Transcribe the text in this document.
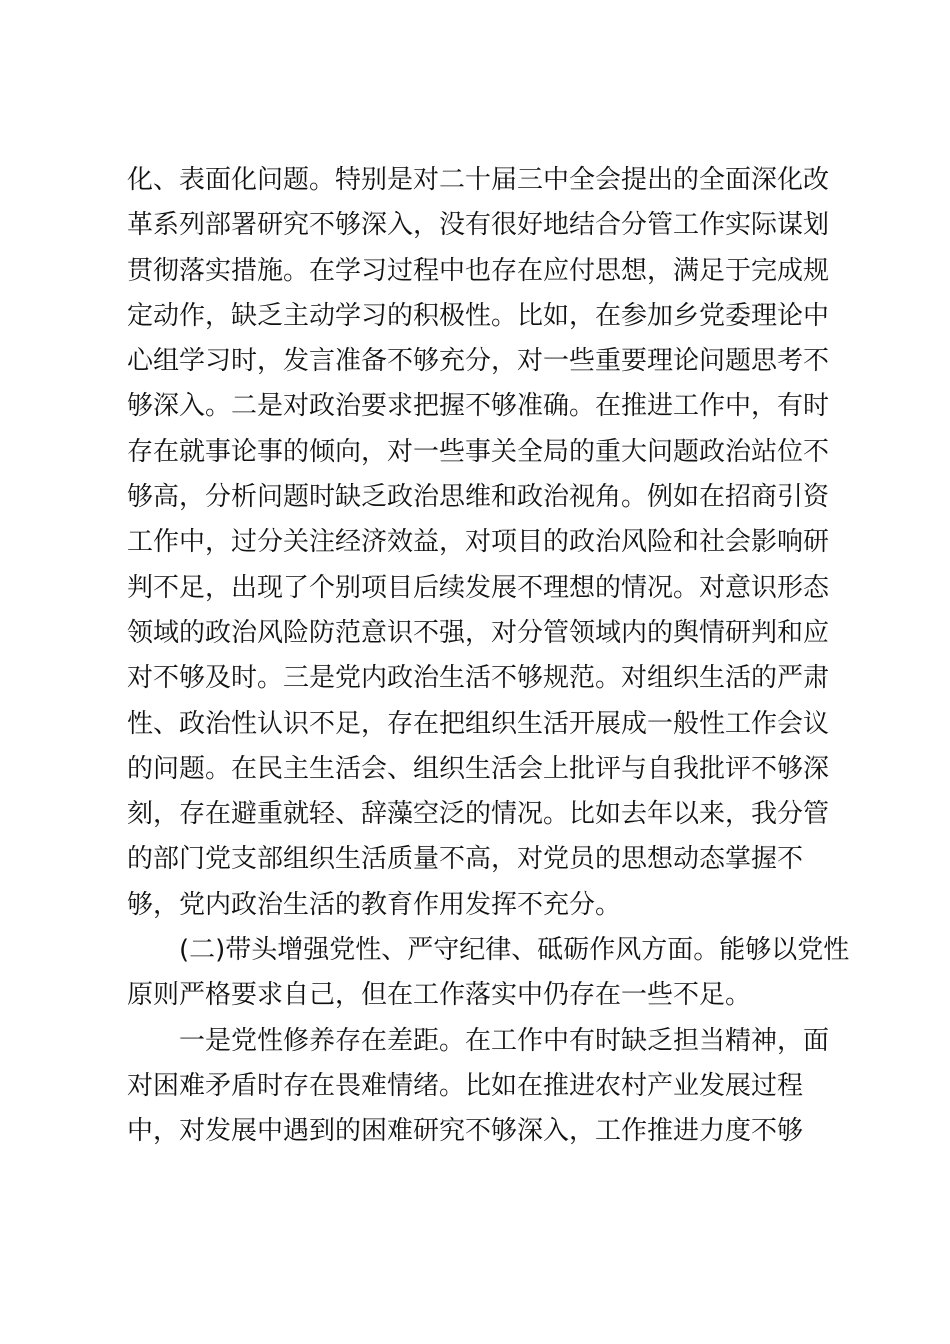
化、表面化问题。特别是对二十届三中全会提出的全面深化改
革系列部署研究不够深入，没有很好地结合分管工作实际谋划
贯彻落实措施。在学习过程中也存在应付思想，满足于完成规
定动作，缺乏主动学习的积极性。比如，在参加乡党委理论中
心组学习时，发言准备不够充分，对一些重要理论问题思考不
够深入。二是对政治要求把握不够准确。在推进工作中，有时
存在就事论事的倾向，对一些事关全局的重大问题政治站位不
够高，分析问题时缺乏政治思维和政治视角。例如在招商引资
工作中，过分关注经济效益，对项目的政治风险和社会影响研
判不足，出现了个别项目后续发展不理想的情况。对意识形态
领域的政治风险防范意识不强，对分管领域内的舆情研判和应
对不够及时。三是党内政治生活不够规范。对组织生活的严肃
性、政治性认识不足，存在把组织生活开展成一般性工作会议
的问题。在民主生活会、组织生活会上批评与自我批评不够深
刻，存在避重就轻、辞藻空泛的情况。比如去年以来，我分管
的部门党支部组织生活质量不高，对党员的思想动态掌握不
够，党内政治生活的教育作用发挥不充分。
(二)带头增强党性、严守纪律、砥砺作风方面。能够以党性
原则严格要求自己，但在工作落实中仍存在一些不足。
一是党性修养存在差距。在工作中有时缺乏担当精神，面
对困难矛盾时存在畏难情绪。比如在推进农村产业发展过程
中，对发展中遇到的困难研究不够深入，工作推进力度不够
